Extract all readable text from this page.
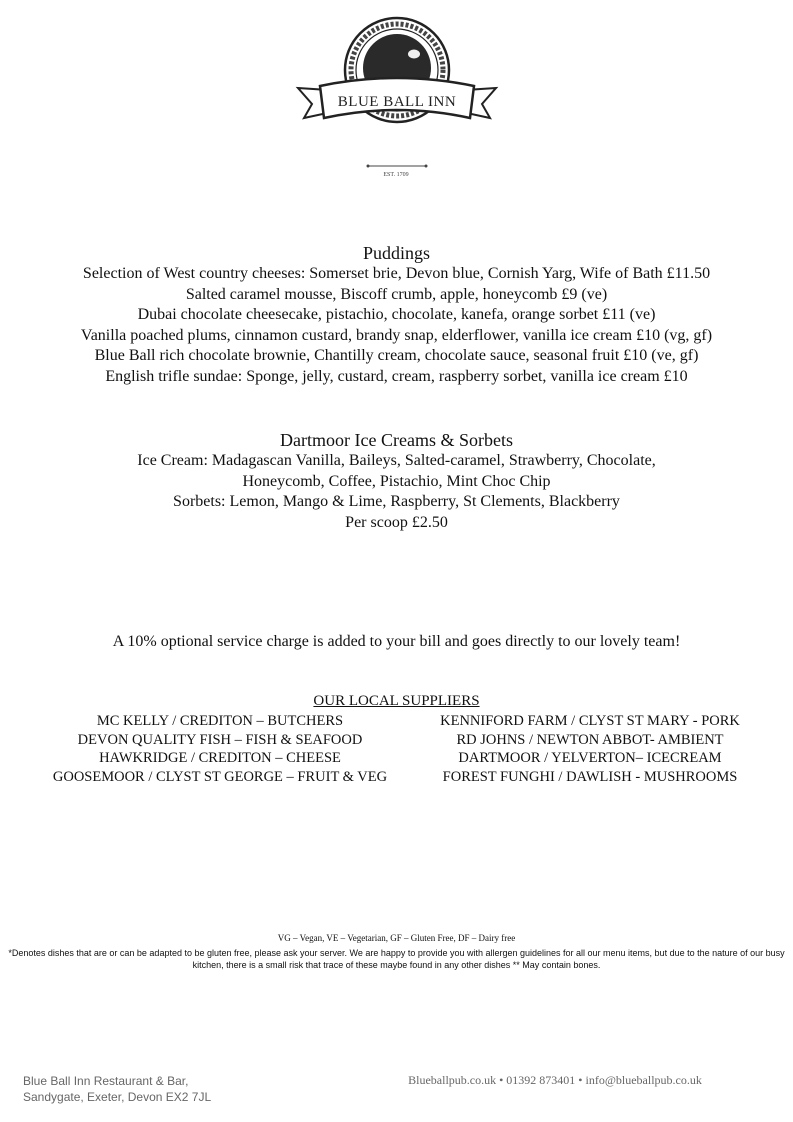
BLUE BALL INN
EST. 1709
Puddings
Selection of West country cheeses: Somerset brie, Devon blue, Cornish Yarg, Wife of Bath £11.50
Salted caramel mousse, Biscoff crumb, apple, honeycomb £9 (ve)
Dubai chocolate cheesecake, pistachio, chocolate, kanefa, orange sorbet £11 (ve)
Vanilla poached plums, cinnamon custard, brandy snap, elderflower, vanilla ice cream £10 (vg, gf)
Blue Ball rich chocolate brownie, Chantilly cream, chocolate sauce, seasonal fruit £10 (ve, gf)
English trifle sundae: Sponge, jelly, custard, cream, raspberry sorbet, vanilla ice cream £10
Dartmoor Ice Creams & Sorbets
Ice Cream: Madagascan Vanilla, Baileys, Salted-caramel, Strawberry, Chocolate,
Honeycomb, Coffee, Pistachio, Mint Choc Chip
Sorbets: Lemon, Mango & Lime, Raspberry, St Clements, Blackberry
Per scoop £2.50
A 10% optional service charge is added to your bill and goes directly to our lovely team!
OUR LOCAL SUPPLIERS
MC KELLY / CREDITON – BUTCHERS
DEVON QUALITY FISH – FISH & SEAFOOD
HAWKRIDGE / CREDITON – CHEESE
GOOSEMOOR / CLYST ST GEORGE – FRUIT & VEG
KENNIFORD FARM / CLYST ST MARY - PORK
RD JOHNS / NEWTON ABBOT- AMBIENT
DARTMOOR / YELVERTON– ICECREAM
FOREST FUNGHI / DAWLISH - MUSHROOMS
VG – Vegan, VE – Vegetarian, GF – Gluten Free, DF – Dairy free
*Denotes dishes that are or can be adapted to be gluten free, please ask your server. We are happy to provide you with allergen guidelines for all our menu items, but due to the nature of our busy kitchen, there is a small risk that trace of these maybe found in any other dishes ** May contain bones.
Blue Ball Inn Restaurant & Bar,
Sandygate, Exeter, Devon EX2 7JL
Blueballpub.co.uk • 01392 873401 • info@blueballpub.co.uk
